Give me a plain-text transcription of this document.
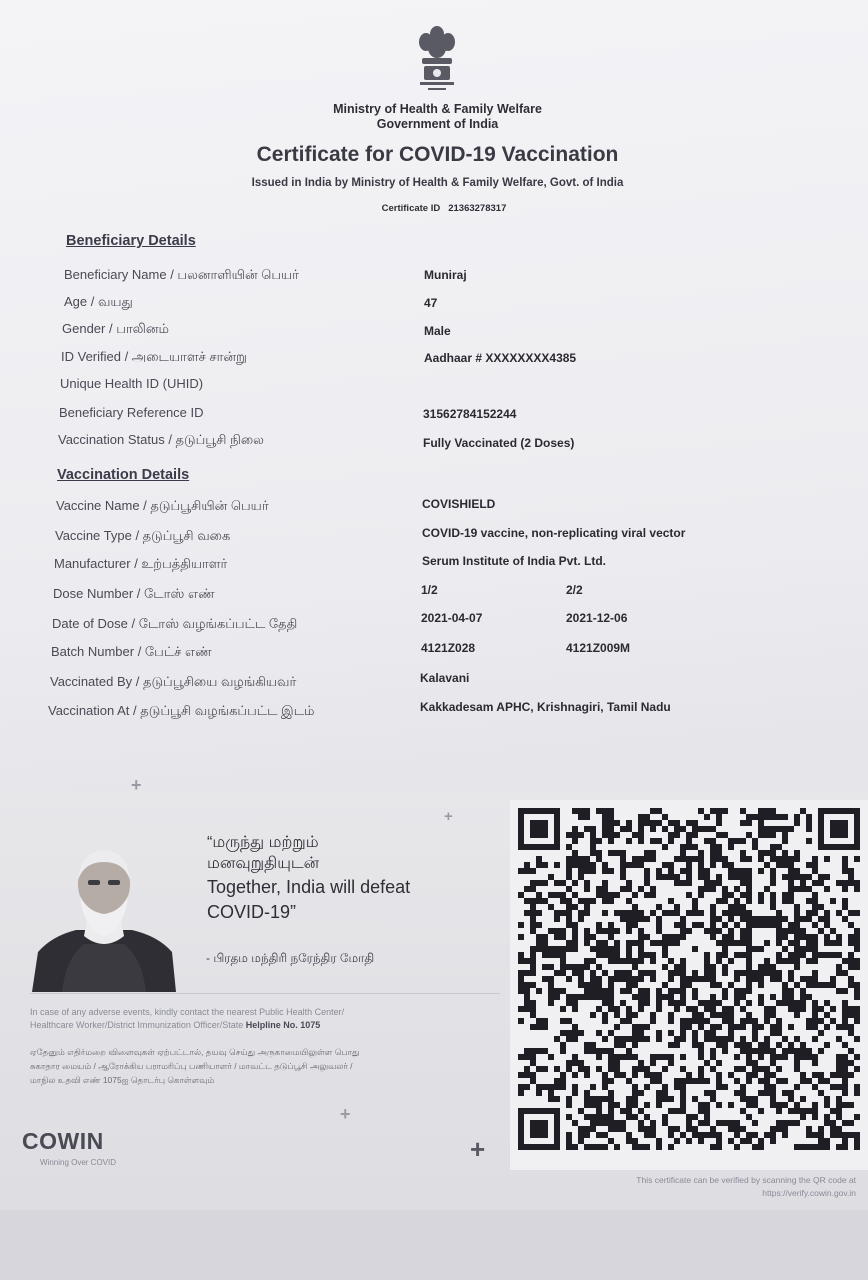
Ministry of Health & Family Welfare
Government of India
Certificate for COVID-19 Vaccination
Issued in India by Ministry of Health & Family Welfare, Govt. of India
Certificate ID 21363278317
Beneficiary Details
Beneficiary Name / பலனாளியின் பெயர்	Muniraj
Age / வயது	47
Gender / பாலினம்	Male
ID Verified / அடையாளச் சான்று	Aadhaar # XXXXXXXX4385
Unique Health ID (UHID)
Beneficiary Reference ID	31562784152244
Vaccination Status / தடுப்பூசி நிலை	Fully Vaccinated (2 Doses)
Vaccination Details
Vaccine Name / தடுப்பூசியின் பெயர்	COVISHIELD
Vaccine Type / தடுப்பூசி வகை	COVID-19 vaccine, non-replicating viral vector
Manufacturer / உற்பத்தியாளர்	Serum Institute of India Pvt. Ltd.
Dose Number / டோஸ் எண்	1/2	2/2
Date of Dose / டோஸ் வழங்கப்பட்ட தேதி	2021-04-07	2021-12-06
Batch Number / பேட்ச் எண்	4121Z028	4121Z009M
Vaccinated By / தடுப்பூசியை வழங்கியவர்	Kalavani
Vaccination At / தடுப்பூசி வழங்கப்பட்ட இடம்	Kakkadesam APHC, Krishnagiri, Tamil Nadu
+
+
+
+
“மருந்து மற்றும்
மனவுறுதியுடன்
Together, India will defeat
COVID-19”
- பிரதம மந்திரி நரேந்திர மோதி
In case of any adverse events, kindly contact the nearest Public Health Center/
Healthcare Worker/District Immunization Officer/State Helpline No. 1075
ஏதேனும் எதிர்மறை விளைவுகள் ஏற்பட்டால், தயவு செய்து அருகாமையிலுள்ள பொது
சுகாதார மையம் / ஆரோக்கிய பராமரிப்பு பணியாளர் / மாவட்ட தடுப்பூசி அலுவலர் /
மாநில உதவி எண் 1075ஐ தொடர்பு கொள்ளவும்
COWIN
Winning Over COVID
This certificate can be verified by scanning the QR code at
https://verify.cowin.gov.in
